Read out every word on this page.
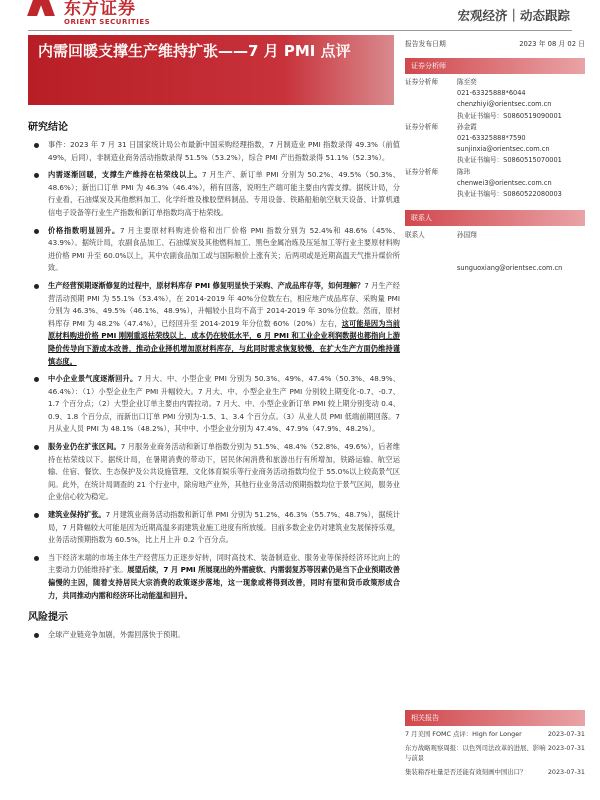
东方证券
ORIENT SECURITIES	宏观经济｜动态跟踪
内需回暖支撑生产维持扩张——7 月 PMI 点评
研究结论
事件：2023 年 7 月 31 日国家统计局公布最新中国采购经理指数，7 月制造业 PMI 指数录得 49.3%（前值 49%，后同），非制造业商务活动指数录得 51.5%（53.2%），综合 PMI 产出指数录得 51.1%（52.3%）。
内需逐渐回暖，支撑生产维持在枯荣线以上。7 月生产、新订单 PMI 分别为 50.2%、49.5%（50.3%、48.6%）；新出口订单 PMI 为 46.3%（46.4%），稍有回落，说明生产端可能主要由内需支撑。据统计局，分行业看，石油煤炭及其他燃料加工、化学纤维及橡胶塑料制品、专用设备、铁路船舶航空航天设备、计算机通信电子设备等行业生产指数和新订单指数均高于枯荣线。
价格指数明显回升。7 月主要原材料购进价格和出厂价格 PMI 指数分别为 52.4%和 48.6%（45%、43.9%）。据统计局，农副食品加工、石油煤炭及其他燃料加工、黑色金属冶炼及压延加工等行业主要原材料购进价格 PMI 升至 60.0%以上，其中农副食品加工或与国际粮价上涨有关；后两项或是近期高温天气推升煤价所致。
生产经营预期逐渐修复的过程中，原材料库存 PMI 修复明显快于采购、产成品库存等，如何理解？7 月生产经营活动预期 PMI 为 55.1%（53.4%），在 2014-2019 年 40%分位数左右，相应地产成品库存、采购量 PMI 分别为 46.3%、49.5%（46.1%、48.9%），升幅较小且均不高于 2014-2019 年 30%分位数。然而，原材料库存 PMI 为 48.2%（47.4%），已经回升至 2014-2019 年分位数 60%（20%）左右，这可能是因为当前原材料购进价格 PMI 刚刚重返枯荣线以上，成本仍在较低水平，6 月 PMI 和工业企业利润数据也都指向上游降价传导向下游成本改善，推动企业择机增加原材料库存，与此同时需求恢复较慢，在扩大生产方面仍维持谨慎态度。
中小企业景气度逐渐回升。7 月大、中、小型企业 PMI 分别为 50.3%、49%、47.4%（50.3%、48.9%、46.4%）：（1）小型企业生产 PMI 升幅较大。7 月大、中、小型企业生产 PMI 分别较上期变化-0.7、-0.7、1.7 个百分点；（2）大型企业订单主要由内需拉动。7 月大、中、小型企业新订单 PMI 较上期分别变动 0.4、0.9、1.8 个百分点，而新出口订单 PMI 分别为-1.5、1、3.4 个百分点。（3）从业人员 PMI 低端前期回落。7 月从业人员 PMI 为 48.1%（48.2%），其中中、小型企业分别为 47.4%、47.9%（47.9%、48.2%）。
服务业仍在扩张区间。7 月服务业商务活动和新订单指数分别为 51.5%、48.4%（52.8%、49.6%），后者维持在枯荣线以下。据统计局，在暑期消费的带动下，居民休闲消费和旅游出行有所增加，铁路运输、航空运输、住宿、餐饮、生态保护及公共设施管理、文化体育娱乐等行业商务活动指数均位于 55.0%以上较高景气区间。此外，在统计局调查的 21 个行业中，除房地产业外，其他行业业务活动预期指数均位于景气区间，服务业企业信心较为稳定。
建筑业保持扩张。7 月建筑业商务活动指数和新订单 PMI 分别为 51.2%、46.3%（55.7%、48.7%），据统计局，7 月降幅较大可能是因为近期高温多雨建筑业施工进度有所放缓。目前多数企业仍对建筑业发展保持乐观，业务活动预期指数为 60.5%，比上月上升 0.2 个百分点。
当下经济末端的市场主体生产经营压力正逐步好转，同时高技术、装备制造业、服务业等保持经济环比向上的主要动力仍能维持扩张。展望后续，7 月 PMI 所展现出的外需疲软、内需弱复苏等因素仍是当下企业预期改善偏慢的主因，随着支持居民大宗消费的政策逐步落地，这一现象或将得到改善，同时有望和货币政策形成合力，共同推动内需和经济环比动能温和回升。
风险提示
全球产业链竞争加剧，外需回落快于预期。
报告发布日期	2023 年 08 月 02 日
证券分析师
证券分析师	陈至奕
021-63325888*6044
chenzhiyi@orientsec.com.cn
执业证书编号：S0860519090001
证券分析师	孙金霞
021-63325888*7590
sunjinxia@orientsec.com.cn
执业证书编号：S0860515070001
证券分析师	陈玮
chenwei3@orientsec.com.cn
执业证书编号：S0860522080003
联系人
联系人	孙国翔
sunguoxiang@orientsec.com.cn
相关报告
7 月美国 FOMC 点评：High for Longer	2023-07-31
东方战略观察周报：以色列司法改革的进展、影响与前景
2023-07-31
集装箱吞吐量是否还能有效刻画中国出口？	2023-07-31
